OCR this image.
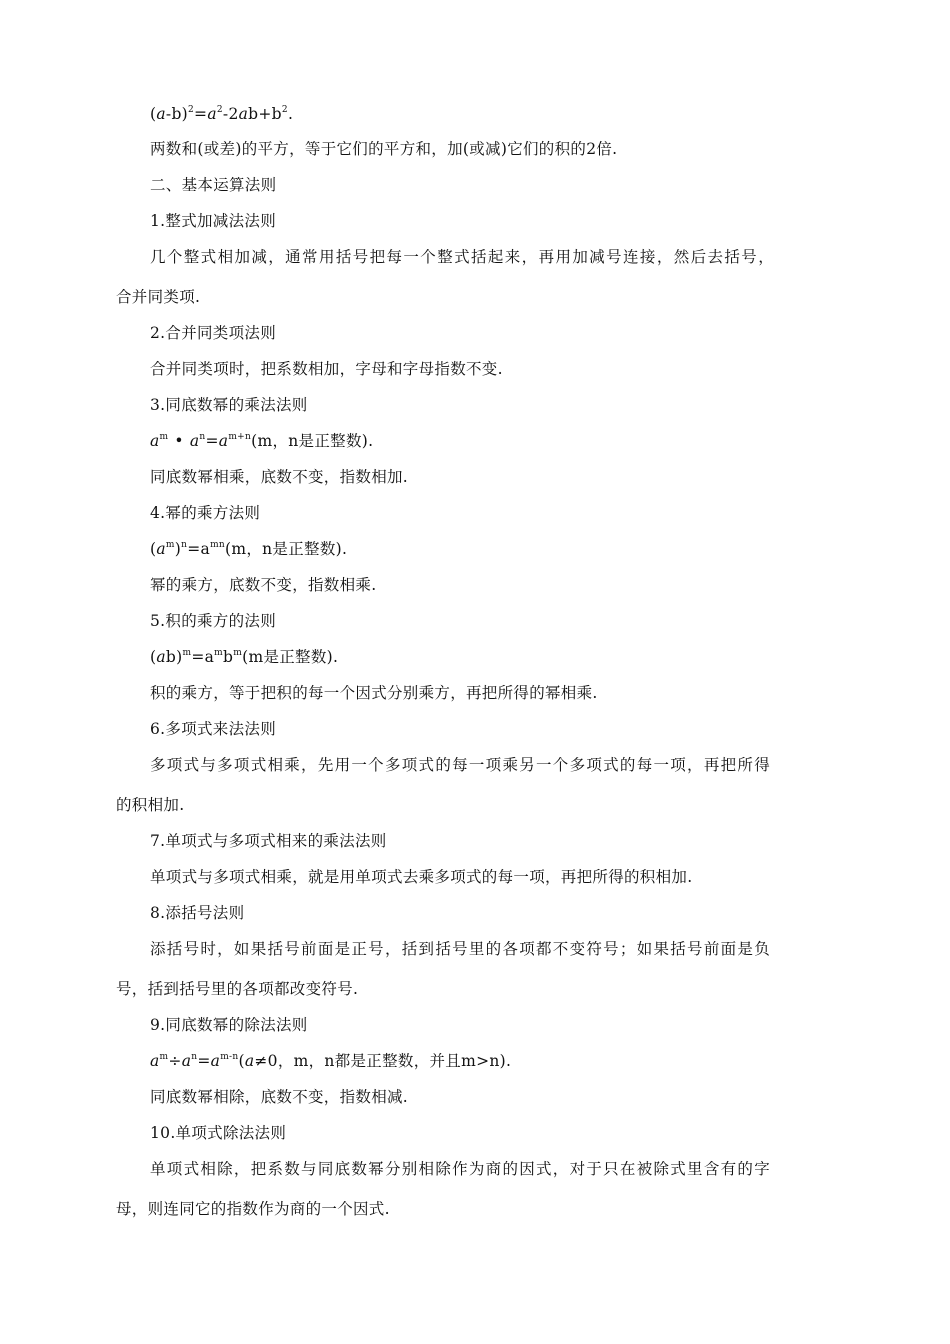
$(a-b)^2=a^2-2ab+b^2$.
两数和(或差)的平方，等于它们的平方和，加(或减)它们的积的2倍.
二、基本运算法则
1.整式加减法法则
几个整式相加减，通常用括号把每一个整式括起来，再用加减号连接，然后去括号，
合并同类项.
2.合并同类项法则
合并同类项时，把系数相加，字母和字母指数不变.
3.同底数幂的乘法法则
$a^m$ • $a^n=a^{m+n}(m$，n是正整数).
同底数幂相乘，底数不变，指数相加.
4.幂的乘方法则
$(a^m)^n=a^{mn}(m$，n是正整数).
幂的乘方，底数不变，指数相乘.
5.积的乘方的法则
$(ab)^m=a^mb^m(m$是正整数).
积的乘方，等于把积的每一个因式分别乘方，再把所得的幂相乘.
6.多项式来法法则
多项式与多项式相乘，先用一个多项式的每一项乘另一个多项式的每一项，再把所得
的积相加.
7.单项式与多项式相来的乘法法则
单项式与多项式相乘，就是用单项式去乘多项式的每一项，再把所得的积相加.
8.添括号法则
添括号时，如果括号前面是正号，括到括号里的各项都不变符号；如果括号前面是负
号，括到括号里的各项都改变符号.
9.同底数幂的除法法则
$a^m\div a^n=a^{m-n}(a\ne 0$，m，n都是正整数，并且m>n).
同底数幂相除，底数不变，指数相减.
10.单项式除法法则
单项式相除，把系数与同底数幂分别相除作为商的因式，对于只在被除式里含有的字
母，则连同它的指数作为商的一个因式.
